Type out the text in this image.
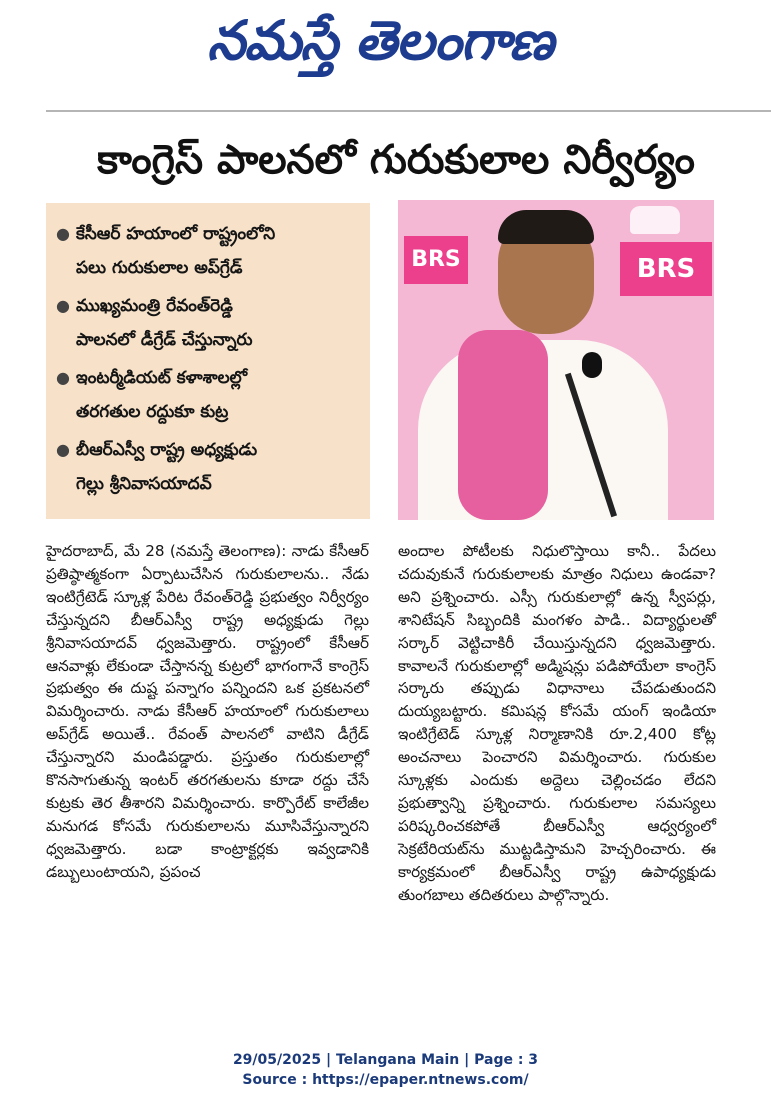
నమస్తే తెలంగాణ
కాంగ్రెస్ పాలనలో గురుకులాల నిర్వీర్యం
● కేసీఆర్ హయాంలో రాష్ట్రంలోని
పలు గురుకులాల అప్‌గ్రేడ్
● ముఖ్యమంత్రి రేవంత్‌రెడ్డి
పాలనలో డీగ్రేడ్ చేస్తున్నారు
● ఇంటర్మీడియట్ కళాశాలల్లో
తరగతుల రద్దుకూ కుట్ర
● బీఆర్‌ఎస్వీ రాష్ట్ర అధ్యక్షుడు
గెల్లు శ్రీనివాసయాదవ్
BRS	BRS
హైదరాబాద్, మే 28 (నమస్తే తెలంగాణ): నాడు కేసీఆర్ ప్రతిష్ఠాత్మకంగా ఏర్పాటుచేసిన గురుకులాలను.. నేడు ఇంటిగ్రేటెడ్ స్కూళ్ల పేరిట రేవంత్‌రెడ్డి ప్రభుత్వం నిర్వీర్యం చేస్తున్నదని బీఆర్‌ఎస్వీ రాష్ట్ర అధ్యక్షుడు గెల్లు శ్రీనివాసయాదవ్ ధ్వజమెత్తారు. రాష్ట్రంలో కేసీఆర్ ఆనవాళ్లు లేకుండా చేస్తానన్న కుట్రలో భాగంగానే కాంగ్రెస్ ప్రభుత్వం ఈ దుష్ట పన్నాగం పన్నిందని ఒక ప్రకటనలో విమర్శించారు. నాడు కేసీఆర్ హయాంలో గురుకులాలు అప్‌గ్రేడ్ అయితే.. రేవంత్ పాలనలో వాటిని డీగ్రేడ్ చేస్తున్నారని మండిపడ్డారు. ప్రస్తుతం గురుకులాల్లో కొనసాగుతున్న ఇంటర్ తరగతులను కూడా రద్దు చేసే కుట్రకు తెర తీశారని విమర్శించారు. కార్పొరేట్ కాలేజీల మనుగడ కోసమే గురుకులాలను మూసివేస్తున్నారని ధ్వజమెత్తారు. బడా కాంట్రాక్టర్లకు ఇవ్వడానికి డబ్బులుంటాయని, ప్రపంచ
అందాల పోటీలకు నిధులొస్తాయి కానీ.. పేదలు చదువుకునే గురుకులాలకు మాత్రం నిధులు ఉండవా? అని ప్రశ్నించారు. ఎస్సీ గురుకులాల్లో ఉన్న స్వీపర్లు, శానిటేషన్ సిబ్బందికి మంగళం పాడి.. విద్యార్థులతో సర్కార్ వెట్టిచాకిరీ చేయిస్తున్నదని ధ్వజమెత్తారు. కావాలనే గురుకులాల్లో అడ్మిషన్లు పడిపోయేలా కాంగ్రెస్ సర్కారు తప్పుడు విధానాలు చేపడుతుందని దుయ్యబట్టారు. కమిషన్ల కోసమే యంగ్ ఇండియా ఇంటిగ్రేటెడ్ స్కూళ్ల నిర్మాణానికి రూ.2,400 కోట్ల అంచనాలు పెంచారని విమర్శించారు. గురుకుల స్కూళ్లకు ఎందుకు అద్దెలు చెల్లించడం లేదని ప్రభుత్వాన్ని ప్రశ్నించారు. గురుకులాల సమస్యలు పరిష్కరించకపోతే బీఆర్‌ఎస్వీ ఆధ్వర్యంలో సెక్రటేరియట్‌ను ముట్టడిస్తామని హెచ్చరించారు. ఈ కార్యక్రమంలో బీఆర్‌ఎస్వీ రాష్ట్ర ఉపాధ్యక్షుడు తుంగబాలు తదితరులు పాల్గొన్నారు.
29/05/2025 | Telangana Main | Page : 3
Source : https://epaper.ntnews.com/
